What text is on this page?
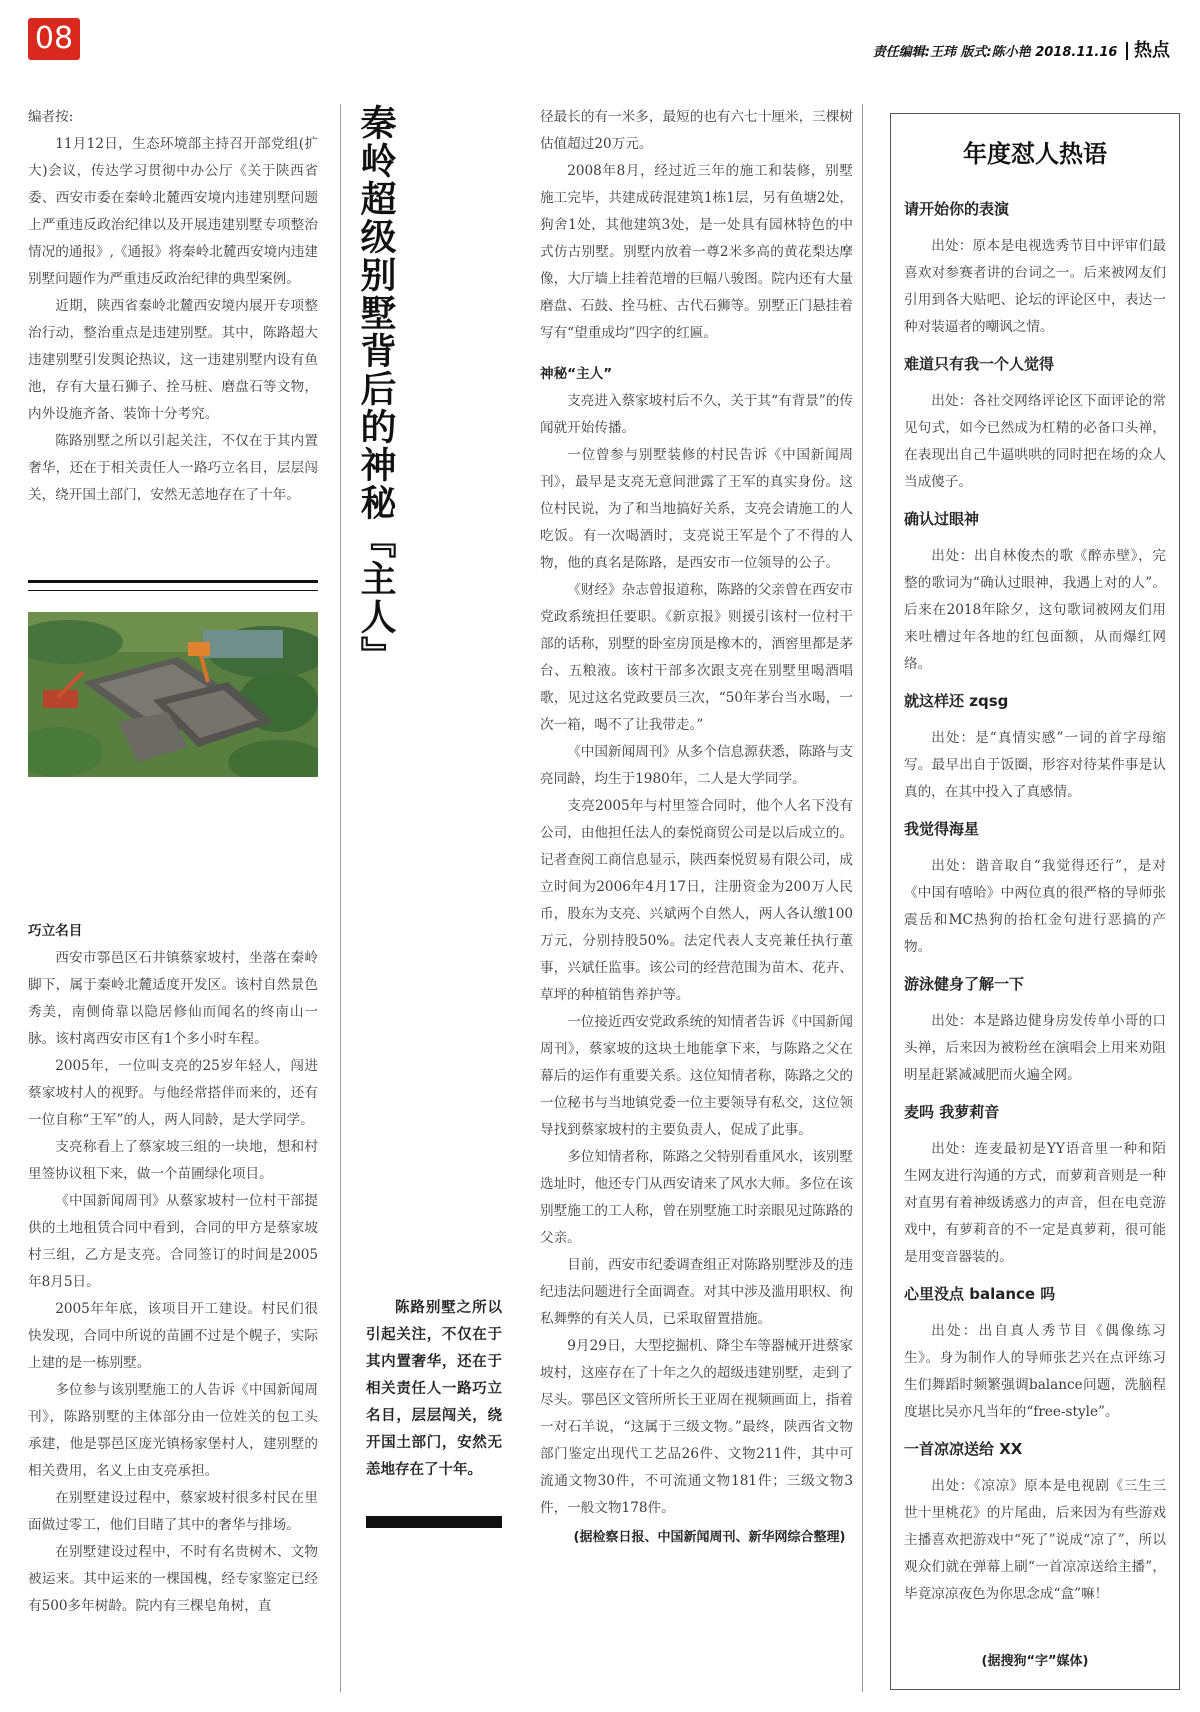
08	责任编辑:王玮 版式:陈小艳 2018.11.16 热点

编者按:

11月12日，生态环境部主持召开部党组(扩大)会议，传达学习贯彻中办公厅《关于陕西省委、西安市委在秦岭北麓西安境内违建别墅问题上严重违反政治纪律以及开展违建别墅专项整治情况的通报》,《通报》将秦岭北麓西安境内违建别墅问题作为严重违反政治纪律的典型案例。

近期，陕西省秦岭北麓西安境内展开专项整治行动，整治重点是违建别墅。其中，陈路超大违建别墅引发舆论热议，这一违建别墅内设有鱼池，存有大量石狮子、拴马桩、磨盘石等文物，内外设施齐备、装饰十分考究。

陈路别墅之所以引起关注，不仅在于其内置奢华，还在于相关责任人一路巧立名目，层层闯关，绕开国土部门，安然无恙地存在了十年。

巧立名目

西安市鄠邑区石井镇蔡家坡村，坐落在秦岭脚下，属于秦岭北麓适度开发区。该村自然景色秀美，南侧倚靠以隐居修仙而闻名的终南山一脉。该村离西安市区有1个多小时车程。

2005年，一位叫支亮的25岁年轻人，闯进蔡家坡村人的视野。与他经常搭伴而来的，还有一位自称“王军”的人，两人同龄，是大学同学。

支亮称看上了蔡家坡三组的一块地，想和村里签协议租下来，做一个苗圃绿化项目。

《中国新闻周刊》从蔡家坡村一位村干部提供的土地租赁合同中看到，合同的甲方是蔡家坡村三组，乙方是支亮。合同签订的时间是2005年8月5日。

2005年年底，该项目开工建设。村民们很快发现，合同中所说的苗圃不过是个幌子，实际上建的是一栋别墅。

多位参与该别墅施工的人告诉《中国新闻周刊》，陈路别墅的主体部分由一位姓关的包工头承建，他是鄠邑区庞光镇杨家堡村人，建别墅的相关费用，名义上由支亮承担。

在别墅建设过程中，蔡家坡村很多村民在里面做过零工，他们目睹了其中的奢华与排场。

在别墅建设过程中，不时有名贵树木、文物被运来。其中运来的一棵国槐，经专家鉴定已经有500多年树龄。院内有三棵皂角树，直

秦岭超级别墅背后的神秘『主人』
陈路别墅之所以引起关注，不仅在于其内置奢华，还在于相关责任人一路巧立名目，层层闯关，绕开国土部门，安然无恙地存在了十年。

径最长的有一米多，最短的也有六七十厘米，三棵树估值超过20万元。

2008年8月，经过近三年的施工和装修，别墅施工完毕，共建成砖混建筑1栋1层，另有鱼塘2处，狗舍1处，其他建筑3处，是一处具有园林特色的中式仿古别墅。别墅内放着一尊2米多高的黄花梨达摩像，大厅墙上挂着范增的巨幅八骏图。院内还有大量磨盘、石鼓、拴马桩、古代石狮等。别墅正门悬挂着写有“望重成均”四字的红匾。

神秘“主人”

支亮进入蔡家坡村后不久，关于其“有背景”的传闻就开始传播。

一位曾参与别墅装修的村民告诉《中国新闻周刊》，最早是支亮无意间泄露了王军的真实身份。这位村民说，为了和当地搞好关系，支亮会请施工的人吃饭。有一次喝酒时，支亮说王军是个了不得的人物，他的真名是陈路，是西安市一位领导的公子。

《财经》杂志曾报道称，陈路的父亲曾在西安市党政系统担任要职。《新京报》则援引该村一位村干部的话称，别墅的卧室房顶是橡木的，酒窖里都是茅台、五粮液。该村干部多次跟支亮在别墅里喝酒唱歌，见过这名党政要员三次，“50年茅台当水喝，一次一箱，喝不了让我带走。”

《中国新闻周刊》从多个信息源获悉，陈路与支亮同龄，均生于1980年，二人是大学同学。

支亮2005年与村里签合同时，他个人名下没有公司，由他担任法人的秦悦商贸公司是以后成立的。记者查阅工商信息显示，陕西秦悦贸易有限公司，成立时间为2006年4月17日，注册资金为200万人民币，股东为支亮、兴斌两个自然人，两人各认缴100万元，分别持股50%。法定代表人支亮兼任执行董事，兴斌任监事。该公司的经营范围为苗木、花卉、草坪的种植销售养护等。

一位接近西安党政系统的知情者告诉《中国新闻周刊》，蔡家坡的这块土地能拿下来，与陈路之父在幕后的运作有重要关系。这位知情者称，陈路之父的一位秘书与当地镇党委一位主要领导有私交，这位领导找到蔡家坡村的主要负责人，促成了此事。

多位知情者称，陈路之父特别看重风水，该别墅选址时，他还专门从西安请来了风水大师。多位在该别墅施工的工人称，曾在别墅施工时亲眼见过陈路的父亲。

目前，西安市纪委调查组正对陈路别墅涉及的违纪违法问题进行全面调查。对其中涉及滥用职权、徇私舞弊的有关人员，已采取留置措施。

9月29日，大型挖掘机、降尘车等器械开进蔡家坡村，这座存在了十年之久的超级违建别墅，走到了尽头。鄠邑区文管所所长王亚周在视频画面上，指着一对石羊说，“这属于三级文物。”最终，陕西省文物部门鉴定出现代工艺品26件、文物211件，其中可流通文物30件，不可流通文物181件；三级文物3件，一般文物178件。

(据检察日报、中国新闻周刊、新华网综合整理)

年度怼人热语
请开始你的表演

出处：原本是电视选秀节目中评审们最喜欢对参赛者讲的台词之一。后来被网友们引用到各大贴吧、论坛的评论区中，表达一种对装逼者的嘲讽之情。

难道只有我一个人觉得

出处：各社交网络评论区下面评论的常见句式，如今已然成为杠精的必备口头禅，在表现出自己牛逼哄哄的同时把在场的众人当成傻子。

确认过眼神

出处：出自林俊杰的歌《醉赤壁》，完整的歌词为“确认过眼神，我遇上对的人”。后来在2018年除夕，这句歌词被网友们用来吐槽过年各地的红包面额，从而爆红网络。

就这样还 zqsg

出处：是“真情实感”一词的首字母缩写。最早出自于饭圈，形容对待某件事是认真的，在其中投入了真感情。

我觉得海星

出处：谐音取自“我觉得还行”，是对《中国有嘻哈》中两位真的很严格的导师张震岳和MC热狗的抬杠金句进行恶搞的产物。

游泳健身了解一下

出处：本是路边健身房发传单小哥的口头禅，后来因为被粉丝在演唱会上用来劝阻明星赶紧减减肥而火遍全网。

麦吗 我萝莉音

出处：连麦最初是YY语音里一种和陌生网友进行沟通的方式，而萝莉音则是一种对直男有着神级诱惑力的声音，但在电竞游戏中，有萝莉音的不一定是真萝莉，很可能是用变音器装的。

心里没点 balance 吗

出处：出自真人秀节目《偶像练习生》。身为制作人的导师张艺兴在点评练习生们舞蹈时频繁强调balance问题，洗脑程度堪比吴亦凡当年的“free-style”。

一首凉凉送给 XX

出处：《凉凉》原本是电视剧《三生三世十里桃花》的片尾曲，后来因为有些游戏主播喜欢把游戏中“死了”说成“凉了”，所以观众们就在弹幕上刷“一首凉凉送给主播”，毕竟凉凉夜色为你思念成“盒”嘛！

(据搜狗“字”媒体)
